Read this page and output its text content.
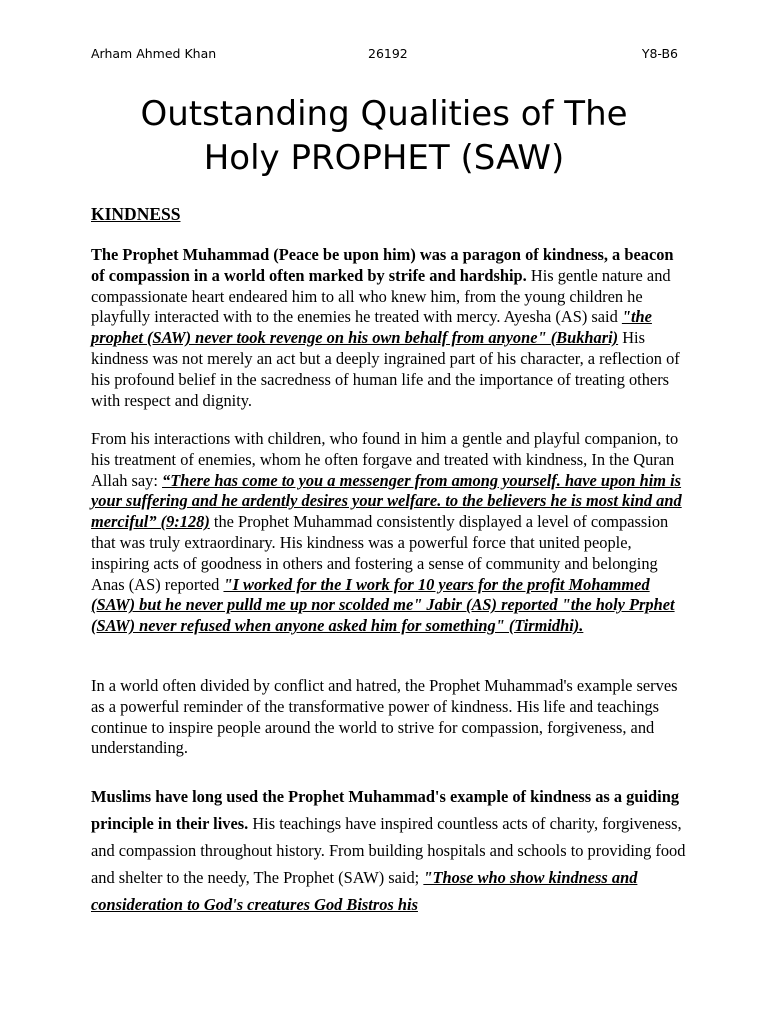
Arham Ahmed Khan	26192	Y8-B6
Outstanding Qualities of The
Holy PROPHET (SAW)
KINDNESS

The Prophet Muhammad (Peace be upon him) was a paragon of kindness, a beacon of compassion in a world often marked by strife and hardship. His gentle nature and compassionate heart endeared him to all who knew him, from the young children he playfully interacted with to the enemies he treated with mercy. Ayesha (AS) said "the prophet (SAW) never took revenge on his own behalf from anyone" (Bukhari) His kindness was not merely an act but a deeply ingrained part of his character, a reflection of his profound belief in the sacredness of human life and the importance of treating others with respect and dignity.

From his interactions with children, who found in him a gentle and playful companion, to his treatment of enemies, whom he often forgave and treated with kindness, In the Quran Allah say: “There has come to you a messenger from among yourself. have upon him is your suffering and he ardently desires your welfare. to the believers he is most kind and merciful” (9:128) the Prophet Muhammad consistently displayed a level of compassion that was truly extraordinary. His kindness was a powerful force that united people, inspiring acts of goodness in others and fostering a sense of community and belonging Anas (AS) reported "I worked for the I work for 10 years for the profit Mohammed (SAW) but he never pulld me up nor scolded me" Jabir (AS) reported "the holy Prphet (SAW) never refused when anyone asked him for something" (Tirmidhi).

In a world often divided by conflict and hatred, the Prophet Muhammad's example serves as a powerful reminder of the transformative power of kindness. His life and teachings continue to inspire people around the world to strive for compassion, forgiveness, and understanding.

Muslims have long used the Prophet Muhammad's example of kindness as a guiding principle in their lives. His teachings have inspired countless acts of charity, forgiveness, and compassion throughout history. From building hospitals and schools to providing food and shelter to the needy, The Prophet (SAW) said; "Those who show kindness and consideration to God's creatures God Bistros his
